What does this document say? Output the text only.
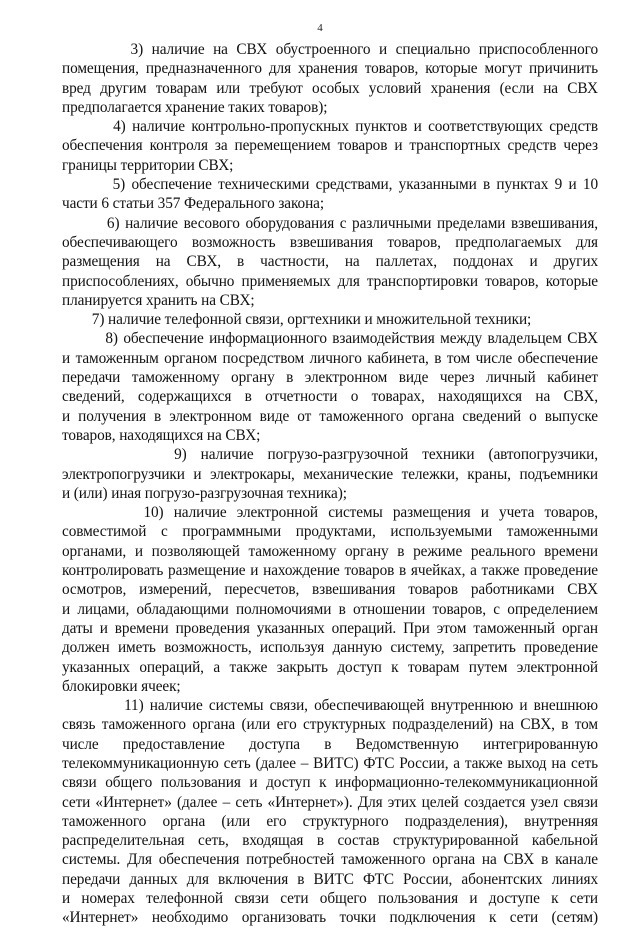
4
3) наличие на СВХ обустроенного и специально приспособленного
помещения, предназначенного для хранения товаров, которые могут причинить
вред другим товарам или требуют особых условий хранения (если на СВХ
предполагается хранение таких товаров);
4) наличие контрольно-пропускных пунктов и соответствующих средств
обеспечения контроля за перемещением товаров и транспортных средств через
границы территории СВХ;
5) обеспечение техническими средствами, указанными в пунктах 9 и 10
части 6 статьи 357 Федерального закона;
6) наличие весового оборудования с различными пределами взвешивания,
обеспечивающего возможность взвешивания товаров, предполагаемых для
размещения на СВХ, в частности, на паллетах, поддонах и других
приспособлениях, обычно применяемых для транспортировки товаров, которые
планируется хранить на СВХ;
7) наличие телефонной связи, оргтехники и множительной техники;
8) обеспечение информационного взаимодействия между владельцем СВХ
и таможенным органом посредством личного кабинета, в том числе обеспечение
передачи таможенному органу в электронном виде через личный кабинет
сведений, содержащихся в отчетности о товарах, находящихся на СВХ,
и получения в электронном виде от таможенного органа сведений о выпуске
товаров, находящихся на СВХ;
9) наличие погрузо-разгрузочной техники (автопогрузчики,
электропогрузчики и электрокары, механические тележки, краны, подъемники
и (или) иная погрузо-разгрузочная техника);
10) наличие электронной системы размещения и учета товаров,
совместимой с программными продуктами, используемыми таможенными
органами, и позволяющей таможенному органу в режиме реального времени
контролировать размещение и нахождение товаров в ячейках, а также проведение
осмотров, измерений, пересчетов, взвешивания товаров работниками СВХ
и лицами, обладающими полномочиями в отношении товаров, с определением
даты и времени проведения указанных операций. При этом таможенный орган
должен иметь возможность, используя данную систему, запретить проведение
указанных операций, а также закрыть доступ к товарам путем электронной
блокировки ячеек;
11) наличие системы связи, обеспечивающей внутреннюю и внешнюю
связь таможенного органа (или его структурных подразделений) на СВХ, в том
числе предоставление доступа в Ведомственную интегрированную
телекоммуникационную сеть (далее – ВИТС) ФТС России, а также выход на сеть
связи общего пользования и доступ к информационно-телекоммуникационной
сети «Интернет» (далее – сеть «Интернет»). Для этих целей создается узел связи
таможенного органа (или его структурного подразделения), внутренняя
распределительная сеть, входящая в состав структурированной кабельной
системы. Для обеспечения потребностей таможенного органа на СВХ в канале
передачи данных для включения в ВИТС ФТС России, абонентских линиях
и номерах телефонной связи сети общего пользования и доступе к сети
«Интернет» необходимо организовать точки подключения к сети (сетям)
